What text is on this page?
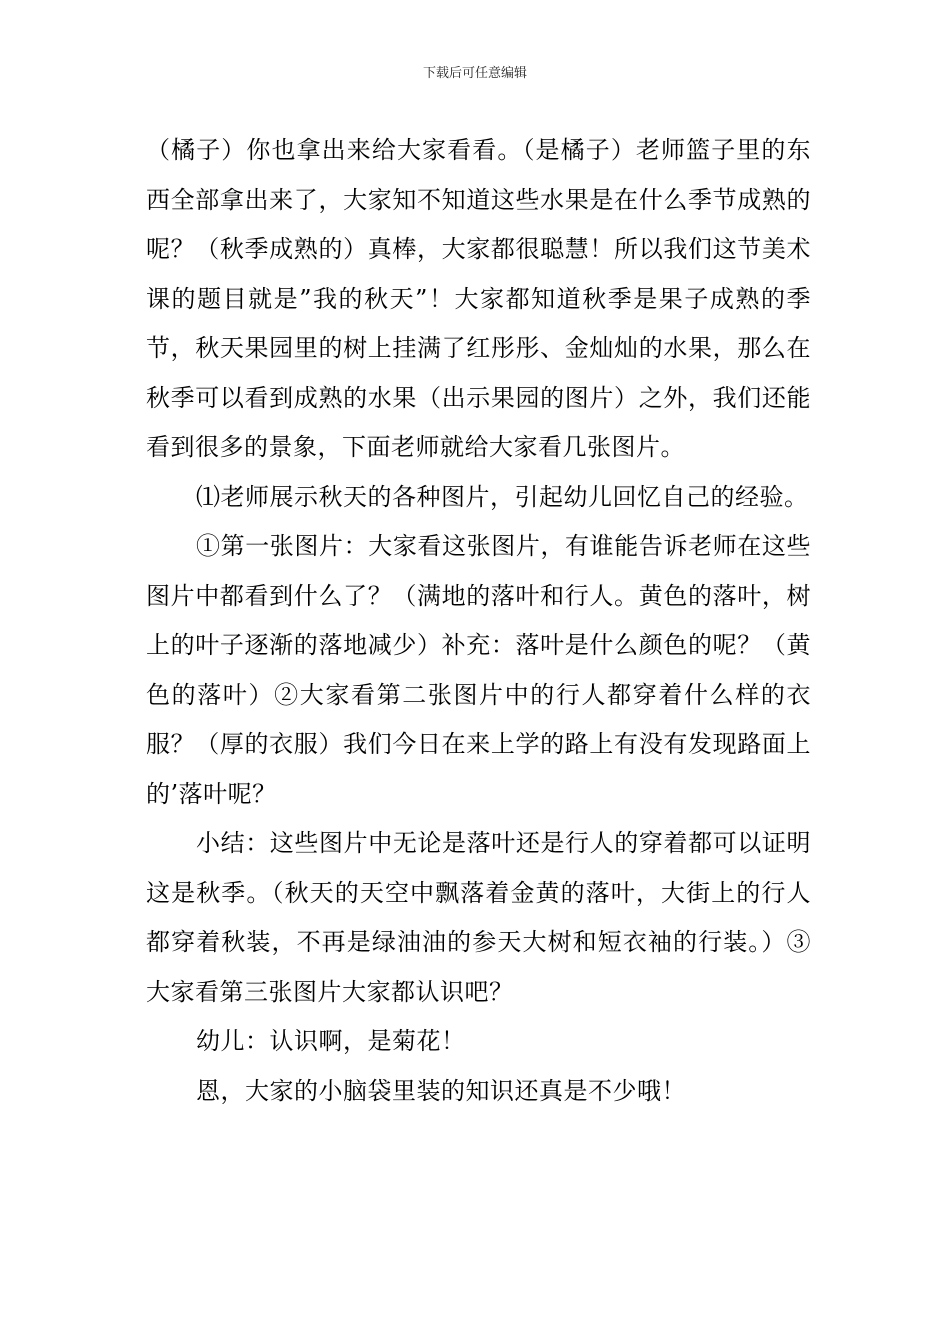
下载后可任意编辑

（橘子）你也拿出来给大家看看。（是橘子）老师篮子里的东西全部拿出来了，大家知不知道这些水果是在什么季节成熟的呢？（秋季成熟的）真棒，大家都很聪慧！所以我们这节美术课的题目就是”我的秋天”！大家都知道秋季是果子成熟的季节，秋天果园里的树上挂满了红彤彤、金灿灿的水果，那么在秋季可以看到成熟的水果（出示果园的图片）之外，我们还能看到很多的景象，下面老师就给大家看几张图片。

⑴老师展示秋天的各种图片，引起幼儿回忆自己的经验。

①第一张图片：大家看这张图片，有谁能告诉老师在这些图片中都看到什么了？（满地的落叶和行人。黄色的落叶，树上的叶子逐渐的落地减少）补充：落叶是什么颜色的呢？（黄色的落叶）②大家看第二张图片中的行人都穿着什么样的衣服？（厚的衣服）我们今日在来上学的路上有没有发现路面上的’落叶呢？

小结：这些图片中无论是落叶还是行人的穿着都可以证明这是秋季。（秋天的天空中飘落着金黄的落叶，大街上的行人都穿着秋装，不再是绿油油的参天大树和短衣袖的行装。）③大家看第三张图片大家都认识吧？

幼儿：认识啊，是菊花！

恩，大家的小脑袋里装的知识还真是不少哦！
